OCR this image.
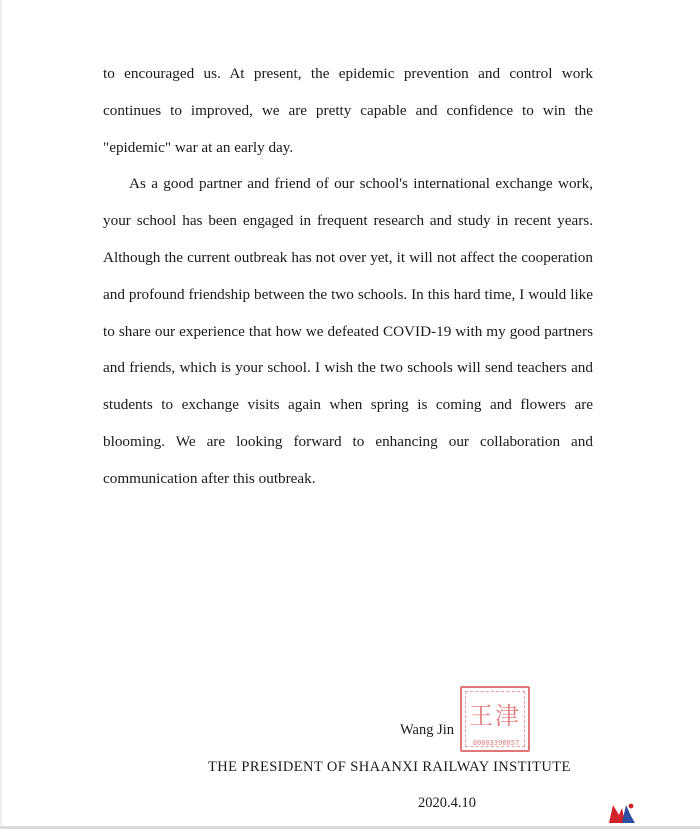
to encouraged us. At present, the epidemic prevention and control work continues to improved, we are pretty capable and confidence to win the "epidemic" war at an early day.

As a good partner and friend of our school's international exchange work, your school has been engaged in frequent research and study in recent years. Although the current outbreak has not over yet, it will not affect the cooperation and profound friendship between the two schools. In this hard time, I would like to share our experience that how we defeated COVID-19 with my good partners and friends, which is your school. I wish the two schools will send teachers and students to exchange visits again when spring is coming and flowers are blooming. We are looking forward to enhancing our collaboration and communication after this outbreak.

Wang Jin 王津
00003398057
THE PRESIDENT OF SHAANXI RAILWAY INSTITUTE
2020.4.10
